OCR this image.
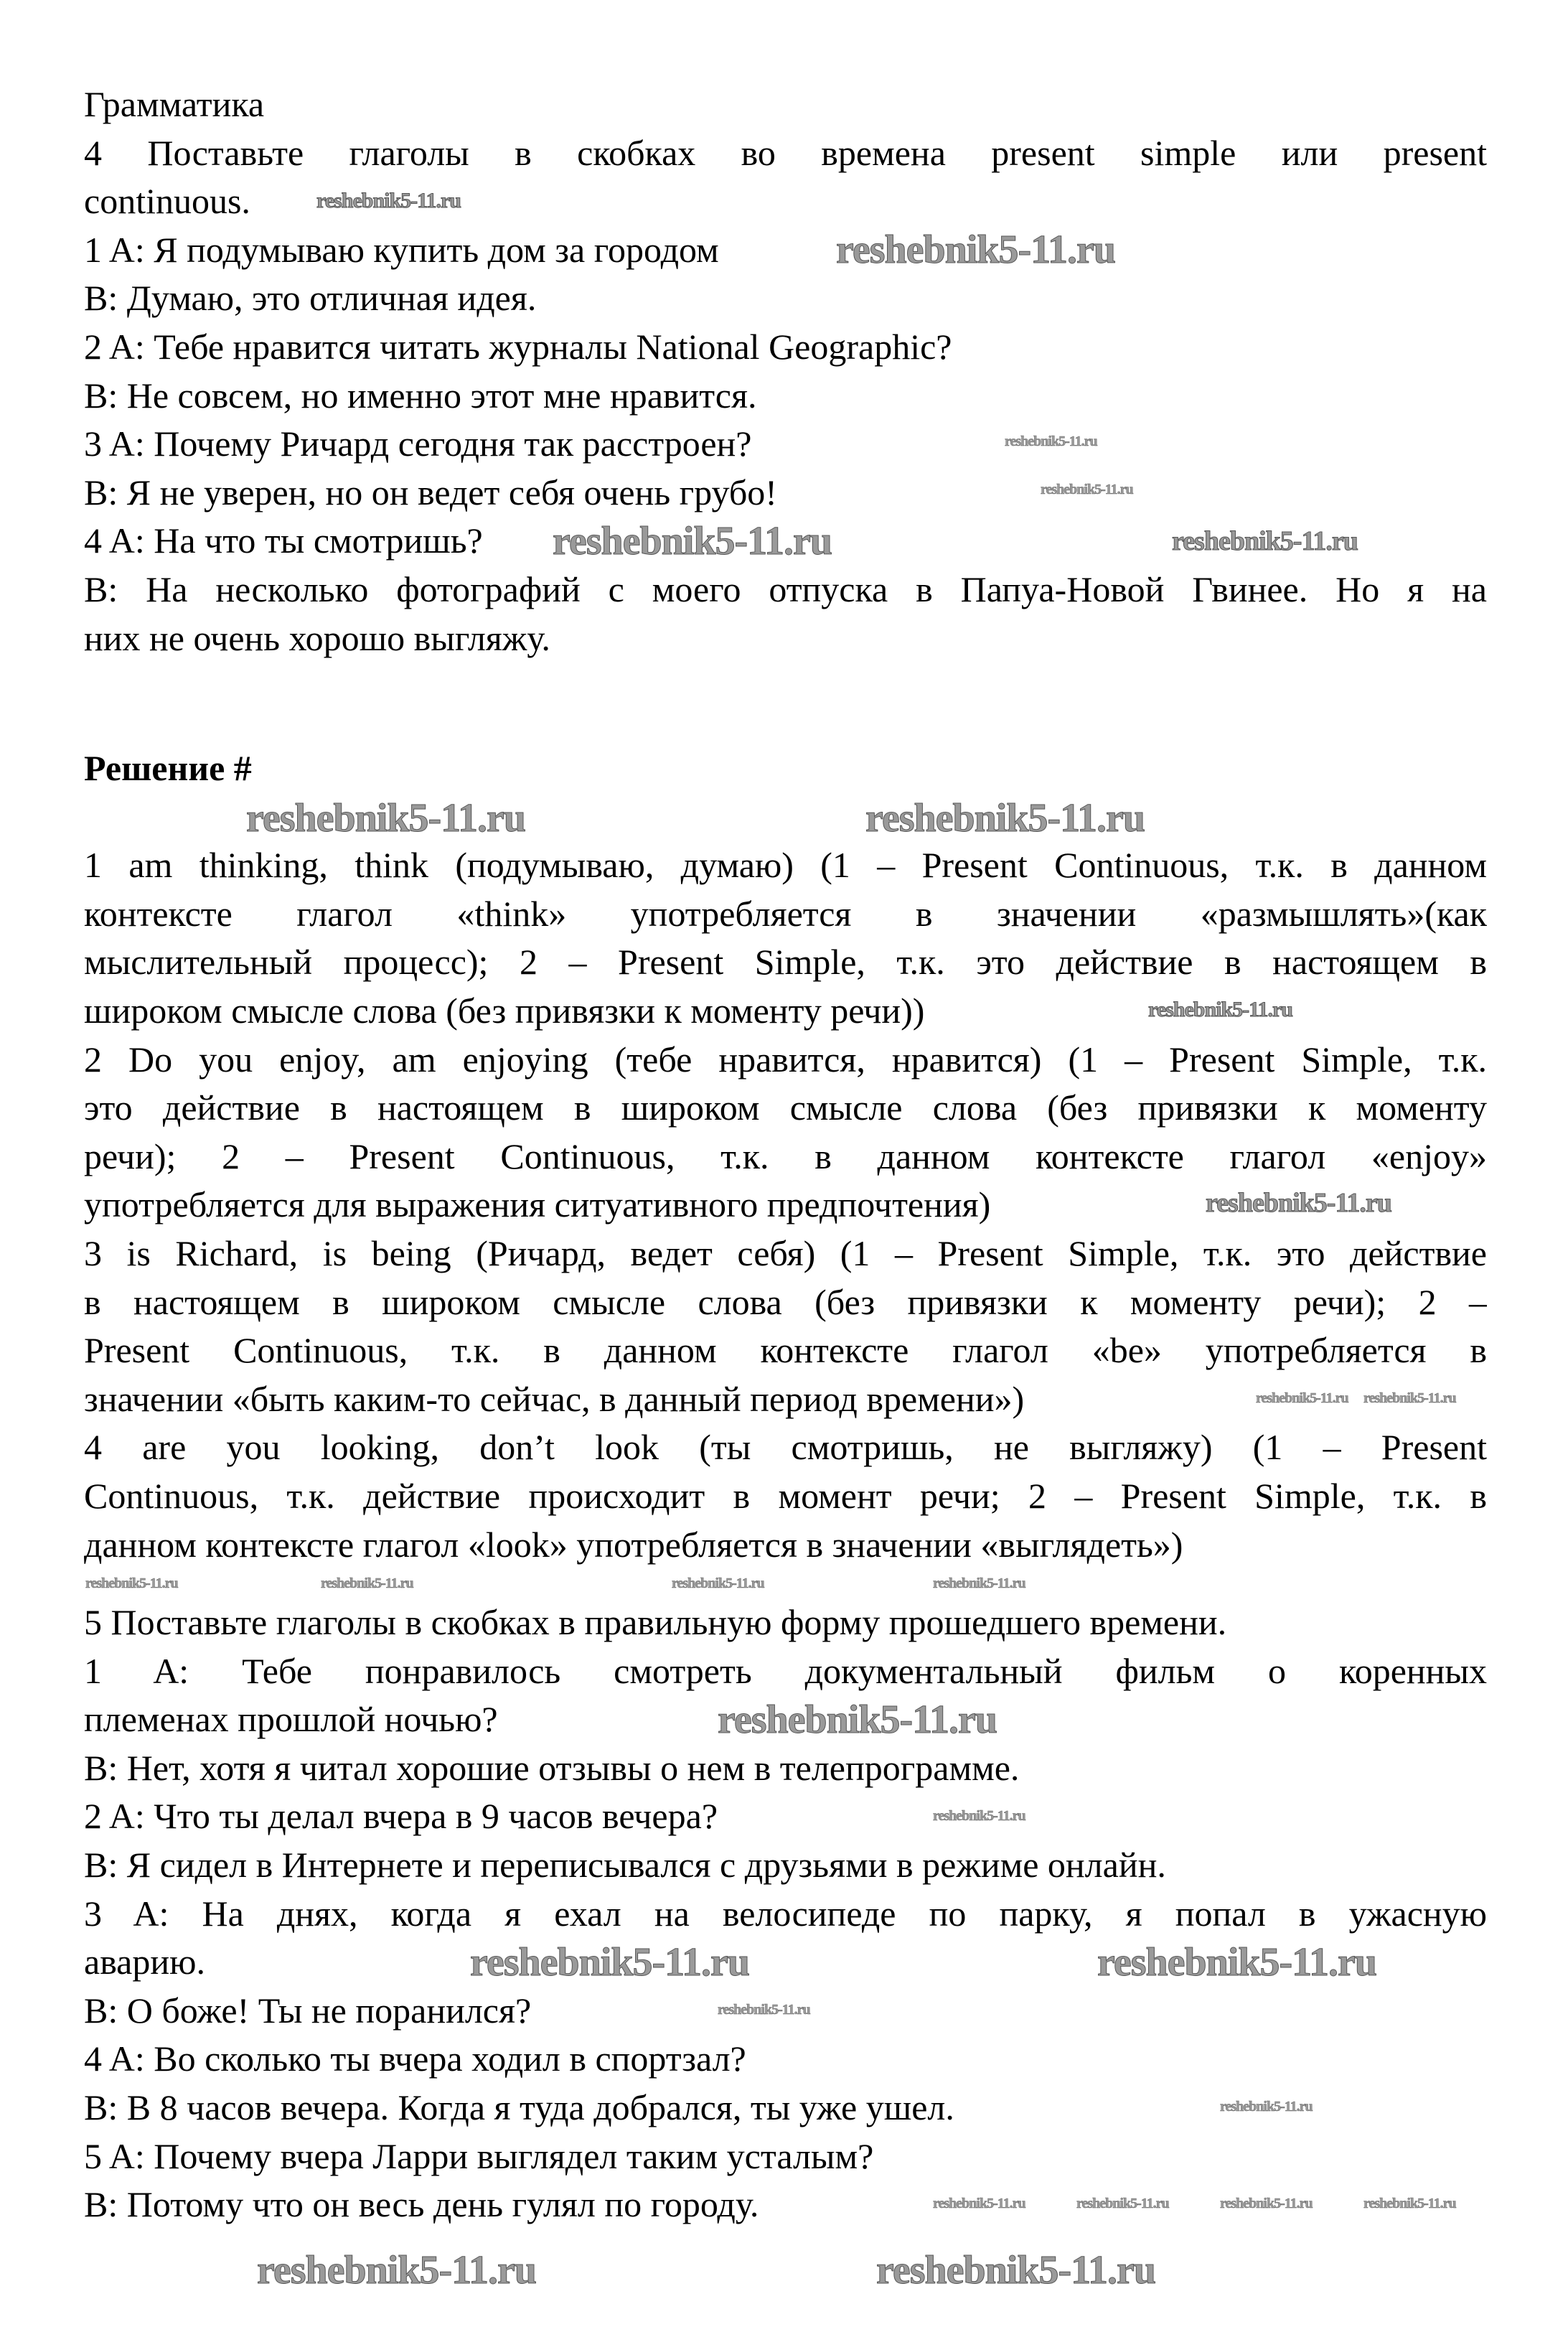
Грамматика
4 Поставьте глаголы в скобках во времена present simple или present
continuous.
1 A: Я подумываю купить дом за городом
B: Думаю, это отличная идея.
2 A: Тебе нравится читать журналы National Geographic?
B: Не совсем, но именно этот мне нравится.
3 A: Почему Ричард сегодня так расстроен?
B: Я не уверен, но он ведет себя очень грубо!
4 A: На что ты смотришь?
B: На несколько фотографий с моего отпуска в Папуа-Новой Гвинее. Но я на
них не очень хорошо выгляжу.
Решение #
1 am thinking, think (подумываю, думаю) (1 – Present Continuous, т.к. в данном
контексте глагол «think» употребляется в значении «размышлять»(как
мыслительный процесс); 2 – Present Simple, т.к. это действие в настоящем в
широком смысле слова (без привязки к моменту речи))
2 Do you enjoy, am enjoying (тебе нравится, нравится) (1 – Present Simple, т.к.
это действие в настоящем в широком смысле слова (без привязки к моменту
речи); 2 – Present Continuous, т.к. в данном контексте глагол «enjoy»
употребляется для выражения ситуативного предпочтения)
3 is Richard, is being (Ричард, ведет себя) (1 – Present Simple, т.к. это действие
в настоящем в широком смысле слова (без привязки к моменту речи); 2 –
Present Continuous, т.к. в данном контексте глагол «be» употребляется в
значении «быть каким-то сейчас, в данный период времени»)
4 are you looking, don’t look (ты смотришь, не выгляжу) (1 – Present
Continuous, т.к. действие происходит в момент речи; 2 – Present Simple, т.к. в
данном контексте глагол «look» употребляется в значении «выглядеть»)
5 Поставьте глаголы в скобках в правильную форму прошедшего времени.
1 A: Тебе понравилось смотреть документальный фильм о коренных
племенах прошлой ночью?
B: Нет, хотя я читал хорошие отзывы о нем в телепрограмме.
2 A: Что ты делал вчера в 9 часов вечера?
B: Я сидел в Интернете и переписывался с друзьями в режиме онлайн.
3 A: На днях, когда я ехал на велосипеде по парку, я попал в ужасную
аварию.
B: О боже! Ты не поранился?
4 A: Во сколько ты вчера ходил в спортзал?
B: В 8 часов вечера. Когда я туда добрался, ты уже ушел.
5 A: Почему вчера Ларри выглядел таким усталым?
B: Потому что он весь день гулял по городу.
reshebnik5-11.ru
reshebnik5-11.ru
reshebnik5-11.ru
reshebnik5-11.ru
reshebnik5-11.ru	reshebnik5-11.ru
reshebnik5-11.ru	reshebnik5-11.ru
reshebnik5-11.ru
reshebnik5-11.ru
reshebnik5-11.ru reshebnik5-11.ru
reshebnik5-11.ru	reshebnik5-11.ru	reshebnik5-11.ru	reshebnik5-11.ru
reshebnik5-11.ru
reshebnik5-11.ru	reshebnik5-11.ru
reshebnik5-11.ru
reshebnik5-11.ru
reshebnik5-11.ru
reshebnik5-11.ru	reshebnik5-11.ru	reshebnik5-11.ru	reshebnik5-11.ru
reshebnik5-11.ru	reshebnik5-11.ru
